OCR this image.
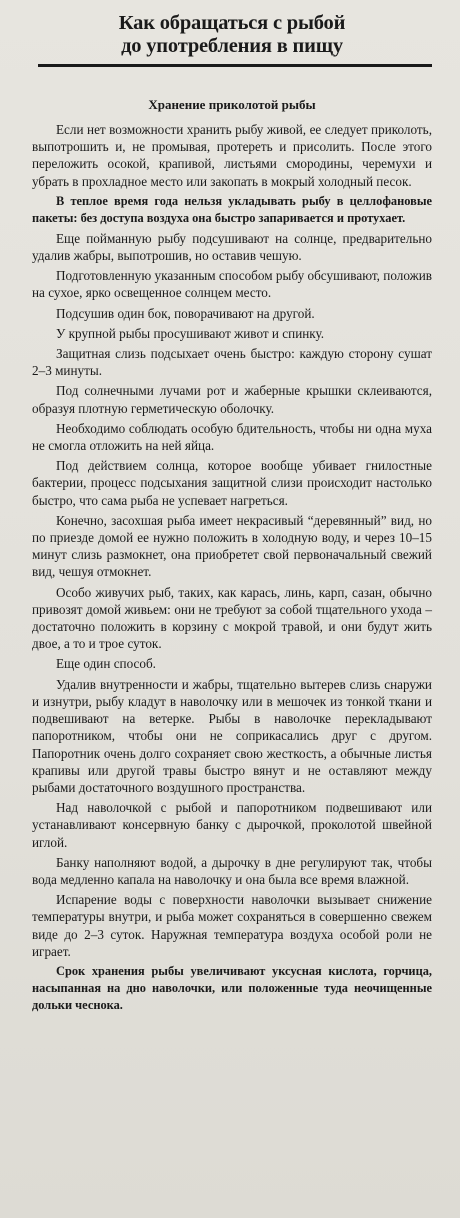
Как обращаться с рыбой
до употребления в пищу
Хранение приколотой рыбы

Если нет возможности хранить рыбу живой, ее следует приколоть, выпотрошить и, не промывая, протереть и присолить. После этого переложить осокой, крапивой, листьями смородины, черемухи и убрать в прохладное место или закопать в мокрый холодный песок.

В теплое время года нельзя укладывать рыбу в целлофановые пакеты: без доступа воздуха она быстро запаривается и протухает.

Еще пойманную рыбу подсушивают на солнце, предварительно удалив жабры, выпотрошив, но оставив чешую.

Подготовленную указанным способом рыбу обсушивают, положив на сухое, ярко освещенное солнцем место.

Подсушив один бок, поворачивают на другой.

У крупной рыбы просушивают живот и спинку.

Защитная слизь подсыхает очень быстро: каждую сторону сушат 2–3 минуты.

Под солнечными лучами рот и жаберные крышки склеиваются, образуя плотную герметическую оболочку.

Необходимо соблюдать особую бдительность, чтобы ни одна муха не смогла отложить на ней яйца.

Под действием солнца, которое вообще убивает гнилостные бактерии, процесс подсыхания защитной слизи происходит настолько быстро, что сама рыба не успевает нагреться.

Конечно, засохшая рыба имеет некрасивый “деревянный” вид, но по приезде домой ее нужно положить в холодную воду, и через 10–15 минут слизь размокнет, она приобретет свой первоначальный свежий вид, чешуя отмокнет.

Особо живучих рыб, таких, как карась, линь, карп, сазан, обычно привозят домой живьем: они не требуют за собой тщательного ухода – достаточно положить в корзину с мокрой травой, и они будут жить двое, а то и трое суток.

Еще один способ.

Удалив внутренности и жабры, тщательно вытерев слизь снаружи и изнутри, рыбу кладут в наволочку или в мешочек из тонкой ткани и подвешивают на ветерке. Рыбы в наволочке перекладывают папоротником, чтобы они не соприкасались друг с другом. Папоротник очень долго сохраняет свою жесткость, а обычные листья крапивы или другой травы быстро вянут и не оставляют между рыбами достаточного воздушного пространства.

Над наволочкой с рыбой и папоротником подвешивают или устанавливают консервную банку с дырочкой, проколотой швейной иглой.

Банку наполняют водой, а дырочку в дне регулируют так, чтобы вода медленно капала на наволочку и она была все время влажной.

Испарение воды с поверхности наволочки вызывает снижение температуры внутри, и рыба может сохраняться в совершенно свежем виде до 2–3 суток. Наружная температура воздуха особой роли не играет.

Срок хранения рыбы увеличивают уксусная кислота, горчица, насыпанная на дно наволочки, или положенные туда неочищенные дольки чеснока.
